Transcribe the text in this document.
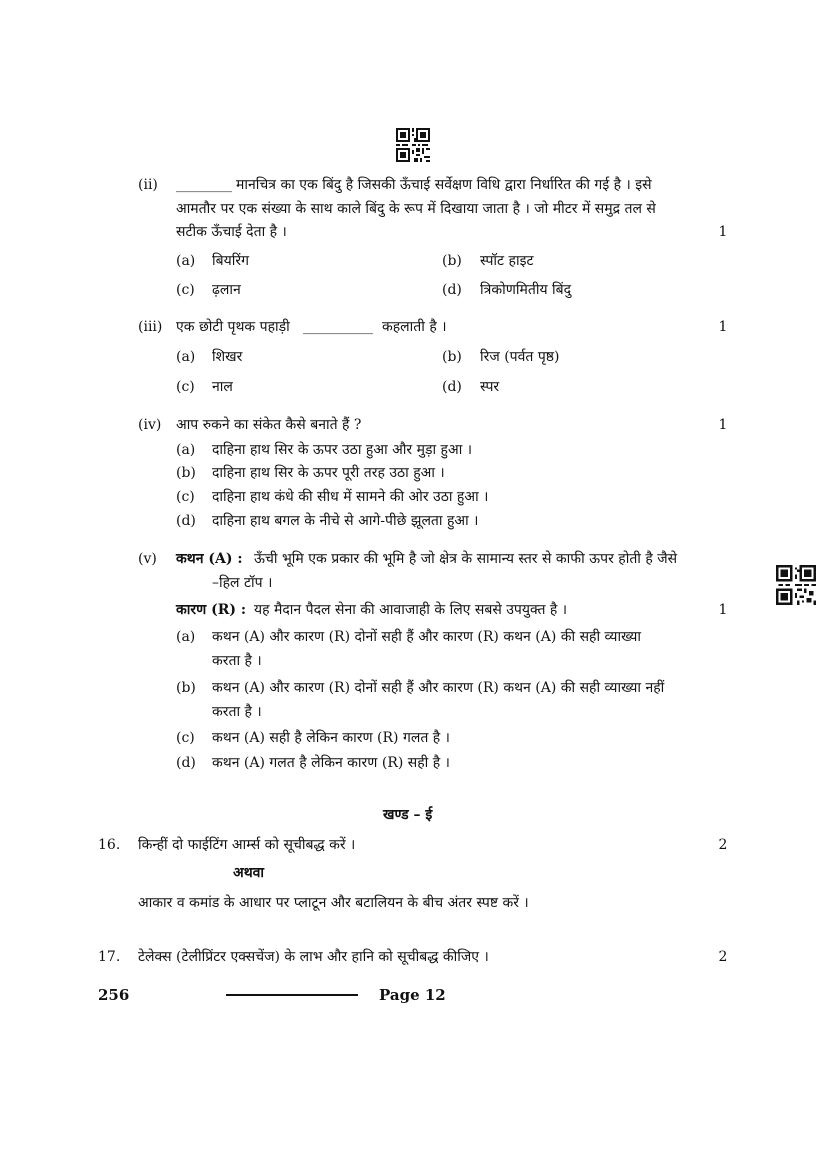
(ii) ________ मानचित्र का एक बिंदु है जिसकी ऊँचाई सर्वेक्षण विधि द्वारा निर्धारित की गई है । इसे
आमतौर पर एक संख्या के साथ काले बिंदु के रूप में दिखाया जाता है । जो मीटर में समुद्र तल से
सटीक ऊँचाई देता है ।	1
(a) बियरिंग	(b) स्पॉट हाइट
(c) ढ़लान	(d) त्रिकोणमितीय बिंदु
(iii) एक छोटी पृथक पहाड़ी __________ कहलाती है ।	1
(a) शिखर	(b) रिज (पर्वत पृष्ठ)
(c) नाल	(d) स्पर
(iv) आप रुकने का संकेत कैसे बनाते हैं ?	1
(a) दाहिना हाथ सिर के ऊपर उठा हुआ और मुड़ा हुआ ।
(b) दाहिना हाथ सिर के ऊपर पूरी तरह उठा हुआ ।
(c) दाहिना हाथ कंधे की सीध में सामने की ओर उठा हुआ ।
(d) दाहिना हाथ बगल के नीचे से आगे-पीछे झूलता हुआ ।
(v) कथन (A) : ऊँची भूमि एक प्रकार की भूमि है जो क्षेत्र के सामान्य स्तर से काफी ऊपर होती है जैसे
–हिल टॉप ।
कारण (R) : यह मैदान पैदल सेना की आवाजाही के लिए सबसे उपयुक्त है ।	1
(a) कथन (A) और कारण (R) दोनों सही हैं और कारण (R) कथन (A) की सही व्याख्या
करता है ।
(b) कथन (A) और कारण (R) दोनों सही हैं और कारण (R) कथन (A) की सही व्याख्या नहीं
करता है ।
(c) कथन (A) सही है लेकिन कारण (R) गलत है ।
(d) कथन (A) गलत है लेकिन कारण (R) सही है ।
खण्ड – ई
16. किन्हीं दो फाईटिंग आर्म्स को सूचीबद्ध करें ।	2
अथवा
आकार व कमांड के आधार पर प्लाटून और बटालियन के बीच अंतर स्पष्ट करें ।
17. टेलेक्स (टेलीप्रिंटर एक्सचेंज) के लाभ और हानि को सूचीबद्ध कीजिए ।	2
256	Page 12
